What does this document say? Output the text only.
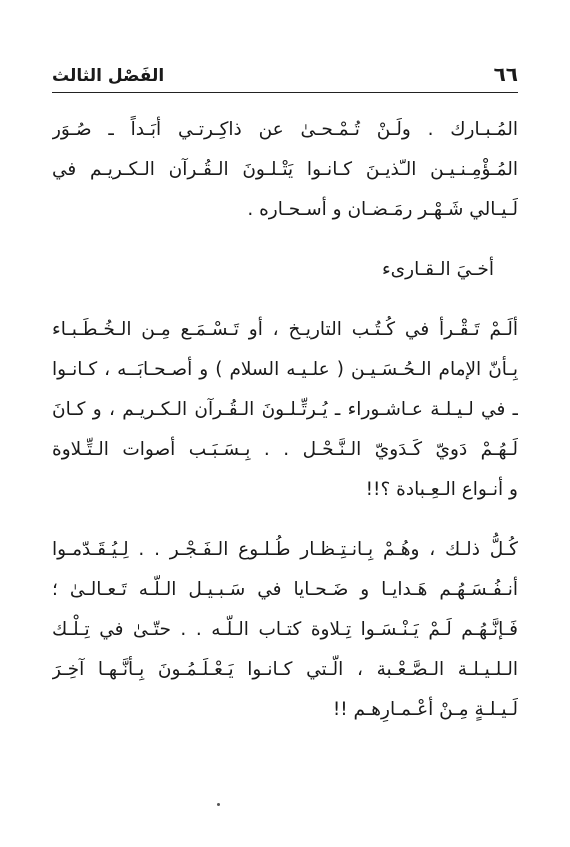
٦٦
الفَصْل الثالث
المُـبـارك . ولَـنْ تُـمْـحـىٰ عن ذاكِـرتـي أبَـداً ـ صُـوَر
المُـؤْمِـنـيـن الـّذيـنَ كـانـوا يَتْـلـونَ الـقُـرآن الـكـريـم في
لَـيـالي شَـهْـر رمَـضـان و أسـحـاره .
أخـيَ الـقـارىء
ألَـمْ تَـقْـرأ في كُـتُـب التاريـخ ، أو تَـسْـمَـع مِـن الـخُـطَـبـاء
بِـأنّ الإمام الـحُـسَـيـن ( علـيـه السلام ) و أصـحـابَــه ، كـانـوا
ـ في لـيـلـة عـاشـوراء ـ يُـرتِّـلـونَ الـقُـرآن الـكـريـم ، و كـانَ
لَـهُـمْ دَويّ كَـدَويّ الـنَّـحْـل . . بِـسَـبَـب أصوات الـتِّـلاوة
و أنـواع الـعِـبادة ؟!!
كُـلُّ ذلـك ، وهُـمْ بِـانـتِـظـار طُـلـوع الـفَـجْـر . . لِـيُـقَـدّمـوا
أنـفُـسَـهُـم هَـدايـا و ضَـحـايا في سَـبـيـل الـلّـه تَـعـالـىٰ ؛
فَـإنَّـهُـم لَـمْ يَـنْـسَـوا تِـلاوة كتـاب الـلّـه . . حتّـىٰ في تِـلْـك
الـلـيـلـة الـصَّـعْـبة ، الّـتي كـانـوا يَـعْـلَـمُـونَ بِـأنَّـهـا آخِـرَ
لَـيـلـةٍ مِـنْ أعْـمـارِهـم !!
